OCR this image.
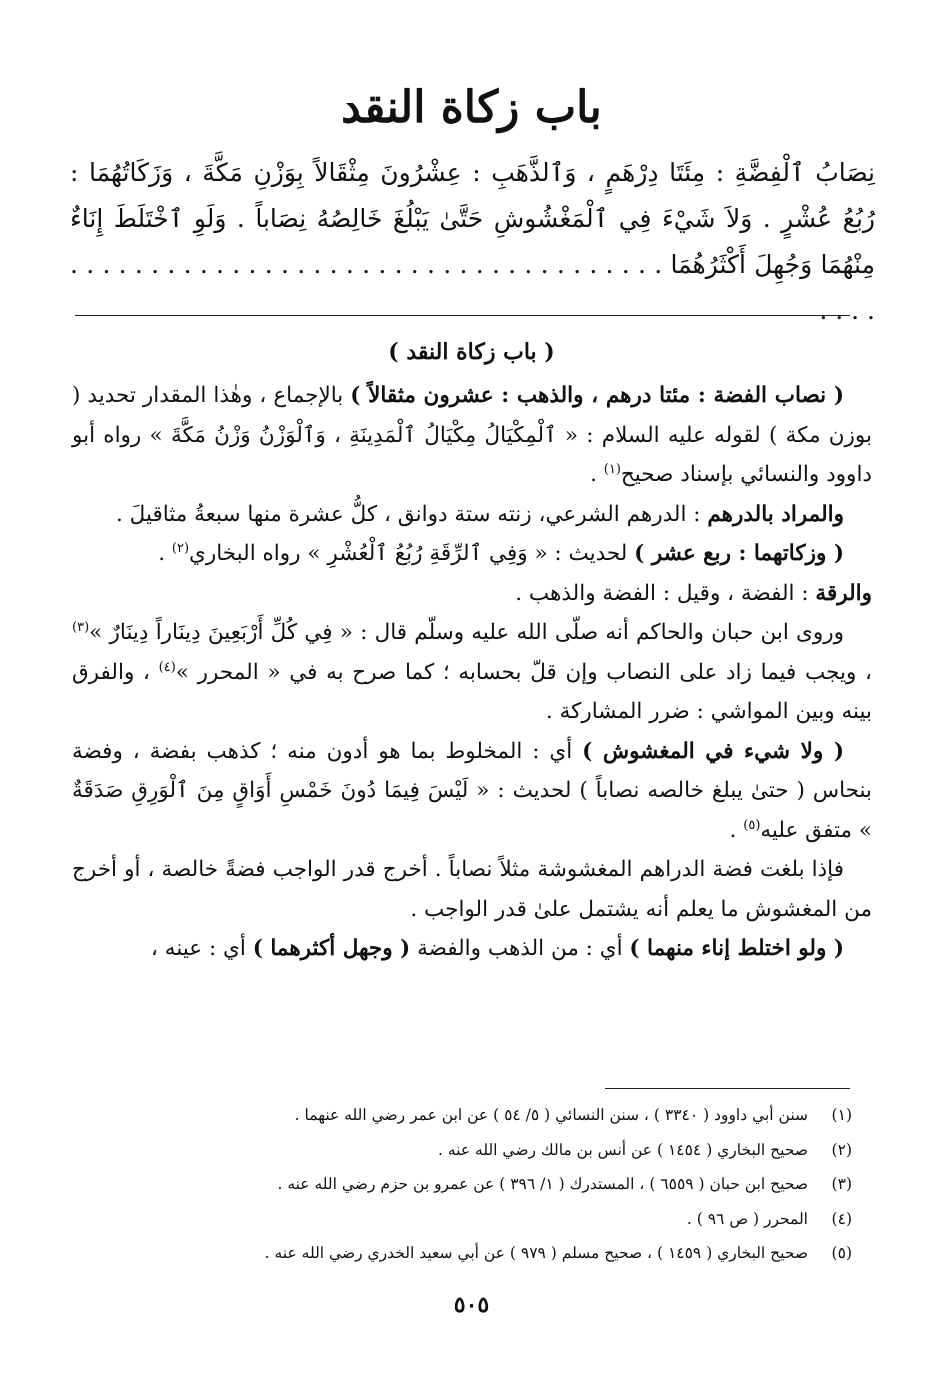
باب زكاة النقد
نِصَابُ ٱلْفِضَّةِ : مِئَتَا دِرْهَمٍ ، وَٱلذَّهَبِ : عِشْرُونَ مِثْقَالاً بِوَزْنِ مَكَّةَ ، وَزَكَاتُهُمَا : رُبُعُ عُشْرٍ . وَلاَ شَيْءَ فِي ٱلْمَغْشُوشِ حَتَّىٰ يَبْلُغَ خَالِصُهُ نِصَاباً . وَلَوِ ٱخْتَلَطَ إِنَاءٌ مِنْهُمَا وَجُهِلَ أَكْثَرُهُمَا . . . . . . . . . . . . . . . . . . . . . . . . . . . . . . . . . . . . . . . . .
( باب زكاة النقد )

( نصاب الفضة : مئتا درهم ، والذهب : عشرون مثقالاً ) بالإجماع ، وهٰذا المقدار تحديد ( بوزن مكة ) لقوله عليه السلام : « ٱلْمِكْيَالُ مِكْيَالُ ٱلْمَدِينَةِ ، وَٱلْوَزْنُ وَزْنُ مَكَّةَ » رواه أبو داوود والنسائي بإسناد صحيح$^{(١)}$ .

والمراد بالدرهم : الدرهم الشرعي، زنته ستة دوانق ، كلُّ عشرة منها سبعةُ مثاقيلَ .

( وزكاتهما : ربع عشر ) لحديث : « وَفِي ٱلرِّقَةِ رُبُعُ ٱلْعُشْرِ » رواه البخاري$^{(٢)}$ .

والرقة : الفضة ، وقيل : الفضة والذهب .

وروى ابن حبان والحاكم أنه صلّى الله عليه وسلّم قال : « فِي كُلِّ أَرْبَعِينَ دِينَاراً دِينَارٌ »$^{(٣)}$ ، ويجب فيما زاد على النصاب وإن قلّ بحسابه ؛ كما صرح به في « المحرر »$^{(٤)}$ ، والفرق بينه وبين المواشي : ضرر المشاركة .

( ولا شيء في المغشوش ) أي : المخلوط بما هو أدون منه ؛ كذهب بفضة ، وفضة بنحاس ( حتىٰ يبلغ خالصه نصاباً ) لحديث : « لَيْسَ فِيمَا دُونَ خَمْسِ أَوَاقٍ مِنَ ٱلْوَرِقِ صَدَقَةٌ » متفق عليه$^{(٥)}$ .

فإذا بلغت فضة الدراهم المغشوشة مثلاً نصاباً . أخرج قدر الواجب فضةً خالصة ، أو أخرج من المغشوش ما يعلم أنه يشتمل علىٰ قدر الواجب .

( ولو اختلط إناء منهما ) أي : من الذهب والفضة ( وجهل أكثرهما ) أي : عينه ،

(١)سنن أبي داوود ( ٣٣٤٠ ) ، سنن النسائي ( ٥/ ٥٤ ) عن ابن عمر رضي الله عنهما .
(٢)صحيح البخاري ( ١٤٥٤ ) عن أنس بن مالك رضي الله عنه .
(٣)صحيح ابن حبان ( ٦٥٥٩ ) ، المستدرك ( ١/ ٣٩٦ ) عن عمرو بن حزم رضي الله عنه .
(٤)المحرر ( ص ٩٦ ) .
(٥)صحيح البخاري ( ١٤٥٩ ) ، صحيح مسلم ( ٩٧٩ ) عن أبي سعيد الخدري رضي الله عنه .
٥٠٥
